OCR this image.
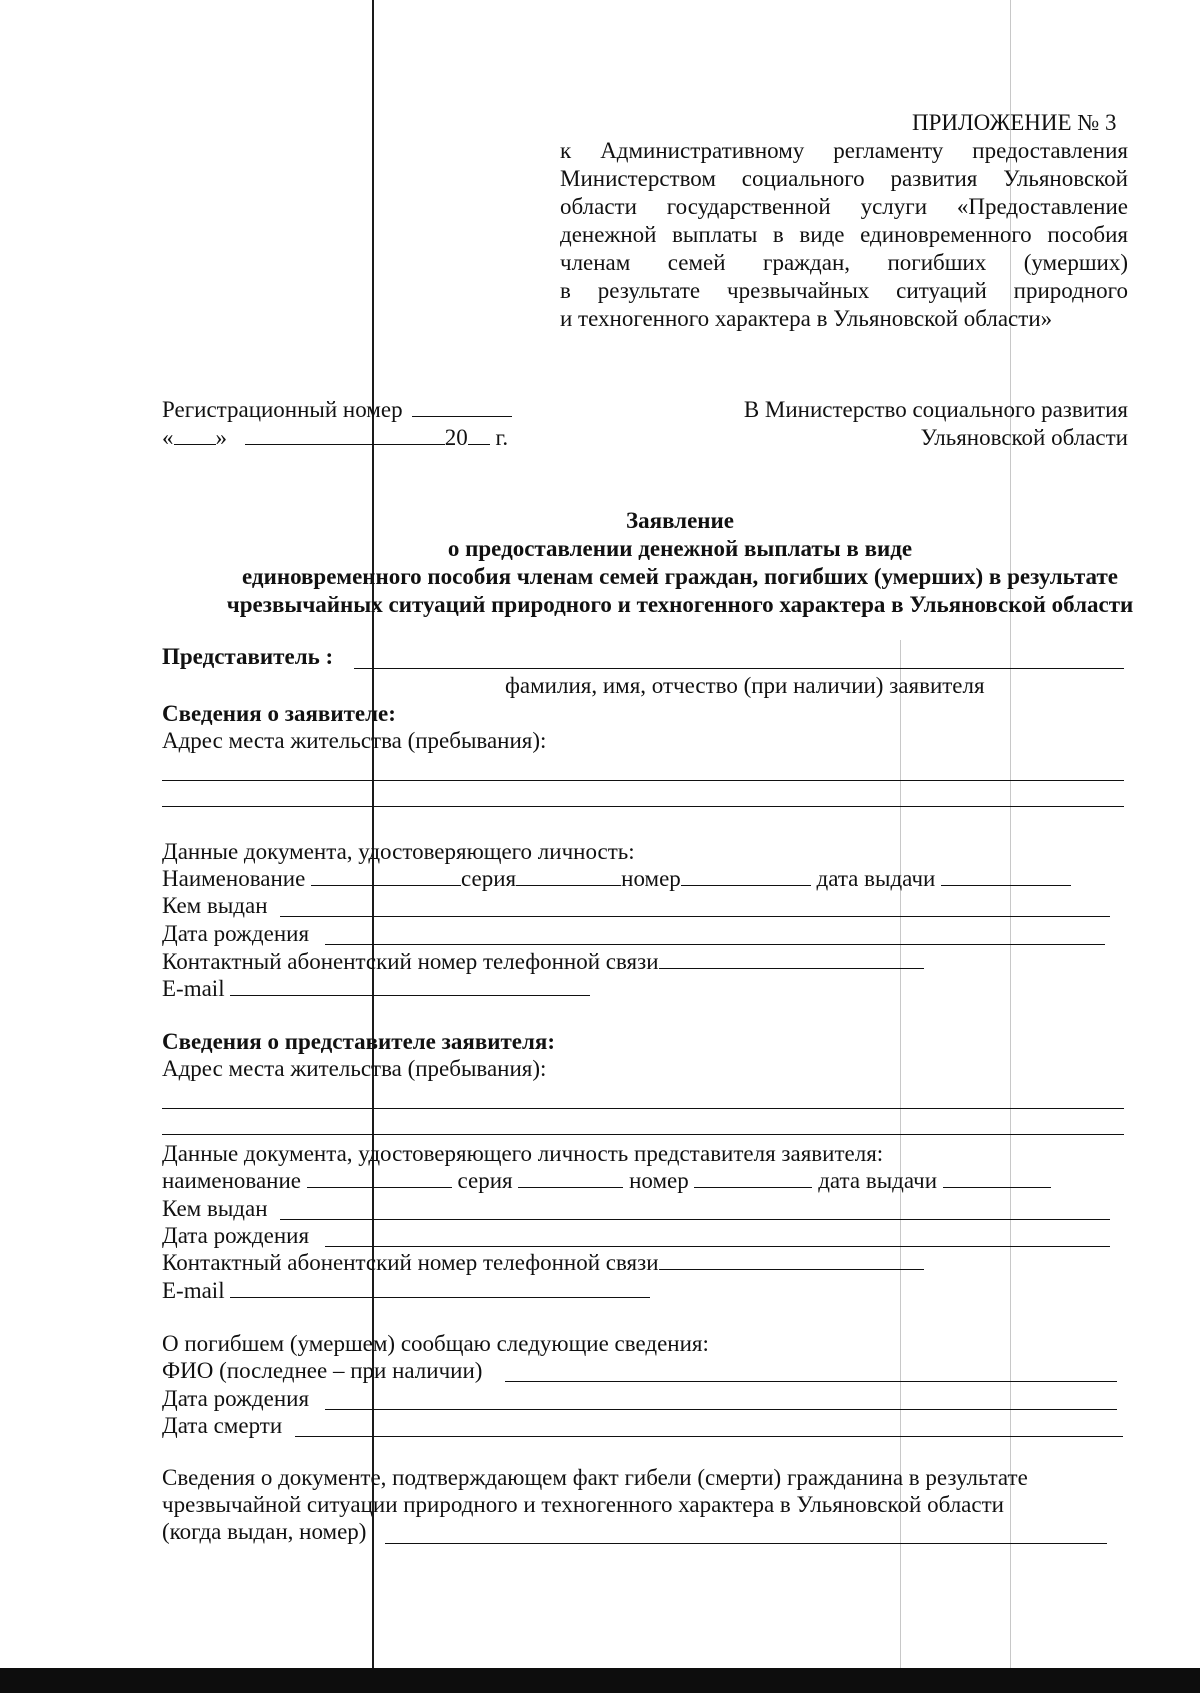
ПРИЛОЖЕНИЕ № 3
к Административному регламенту предоставления
Министерством социального развития Ульяновской
области государственной услуги «Предоставление
денежной выплаты в виде единовременного пособия
членам семей граждан, погибших (умерших)
в результате чрезвычайных ситуаций природного
и техногенного характера в Ульяновской области»
Регистрационный номер
« »	20 г.
В Министерство социального развития
Ульяновской области
Заявление
о предоставлении денежной выплаты в виде
единовременного пособия членам семей граждан, погибших (умерших) в результате
чрезвычайных ситуаций природного и техногенного характера в Ульяновской области
Представитель :
фамилия, имя, отчество (при наличии) заявителя
Сведения о заявителе:
Адрес места жительства (пребывания):
Данные документа, удостоверяющего личность:
Наименование	серия	номер	дата выдачи
Кем выдан
Дата рождения
Контактный абонентский номер телефонной связи
E-mail
Сведения о представителе заявителя:
Адрес места жительства (пребывания):
Данные документа, удостоверяющего личность представителя заявителя:
наименование	серия	номер	дата выдачи
Кем выдан
Дата рождения
Контактный абонентский номер телефонной связи
E-mail
О погибшем (умершем) сообщаю следующие сведения:
ФИО (последнее – при наличии)
Дата рождения
Дата смерти
Сведения о документе, подтверждающем факт гибели (смерти) гражданина в результате
чрезвычайной ситуации природного и техногенного характера в Ульяновской области
(когда выдан, номер)
